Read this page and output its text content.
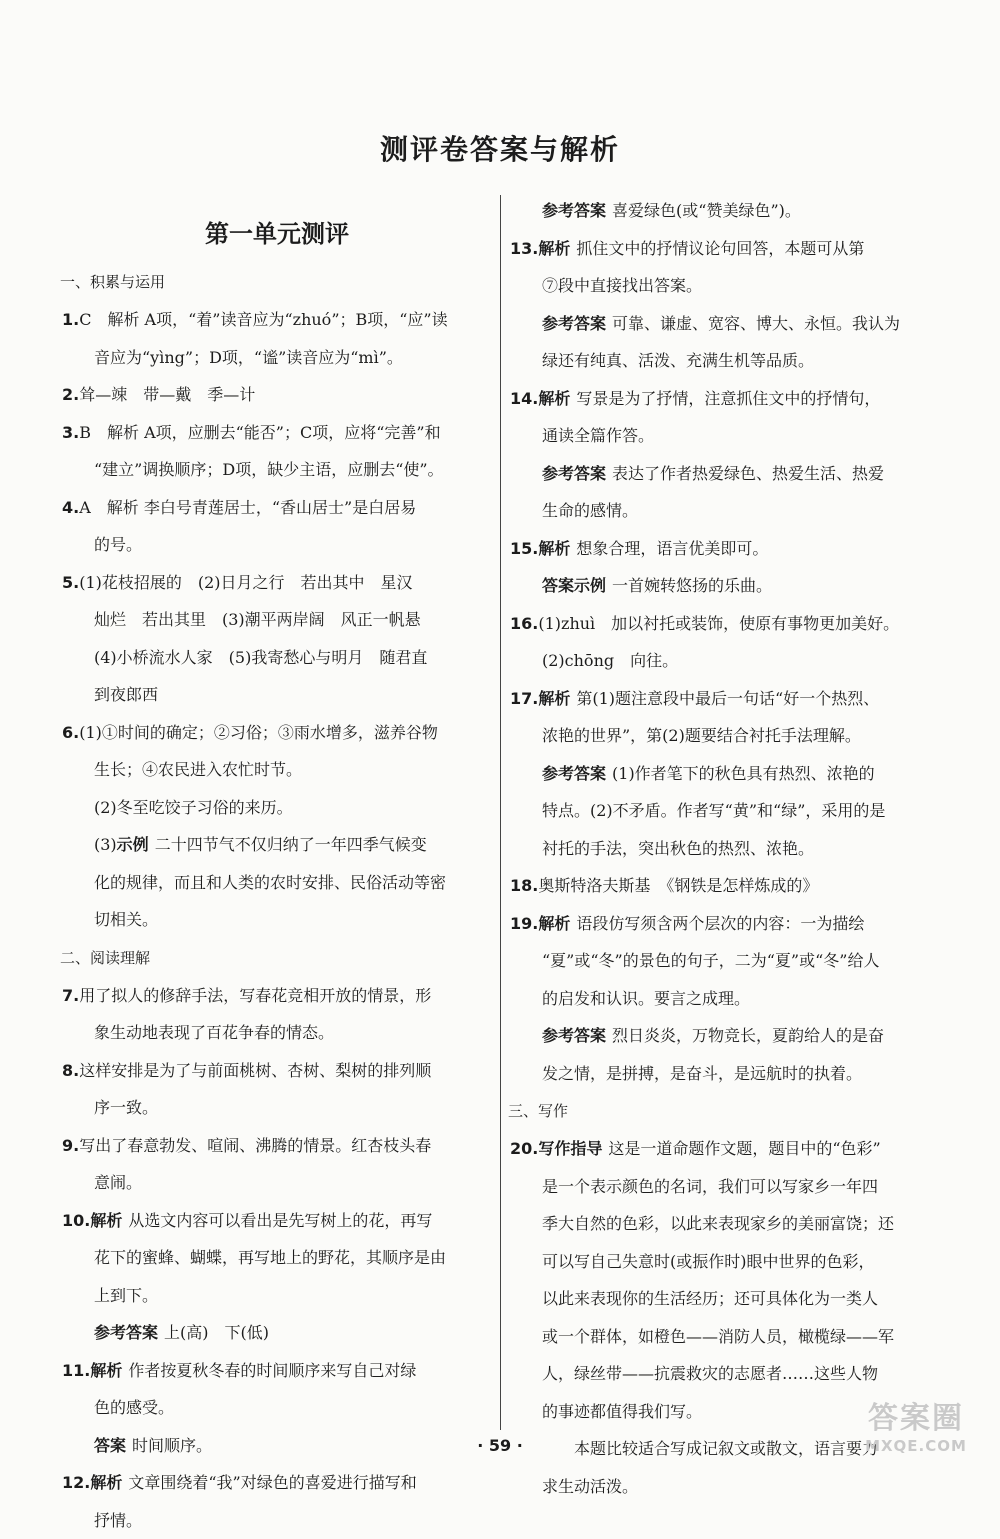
测评卷答案与解析
第一单元测评
一、积累与运用
1.C　解析 A项，“着”读音应为“zhuó”；B项，“应”读
音应为“yìng”；D项，“谧”读音应为“mì”。
2.耸—竦　带—戴　季—计
3.B　解析 A项，应删去“能否”；C项，应将“完善”和
“建立”调换顺序；D项，缺少主语，应删去“使”。
4.A　解析 李白号青莲居士，“香山居士”是白居易
的号。
5.(1)花枝招展的　(2)日月之行　若出其中　星汉
灿烂　若出其里　(3)潮平两岸阔　风正一帆悬
(4)小桥流水人家　(5)我寄愁心与明月　随君直
到夜郎西
6.(1)①时间的确定；②习俗；③雨水增多，滋养谷物
生长；④农民进入农忙时节。
(2)冬至吃饺子习俗的来历。
(3)示例 二十四节气不仅归纳了一年四季气候变
化的规律，而且和人类的农时安排、民俗活动等密
切相关。
二、阅读理解
7.用了拟人的修辞手法，写春花竞相开放的情景，形
象生动地表现了百花争春的情态。
8.这样安排是为了与前面桃树、杏树、梨树的排列顺
序一致。
9.写出了春意勃发、喧闹、沸腾的情景。红杏枝头春
意闹。
10.解析 从选文内容可以看出是先写树上的花，再写
花下的蜜蜂、蝴蝶，再写地上的野花，其顺序是由
上到下。
参考答案 上(高)　下(低)
11.解析 作者按夏秋冬春的时间顺序来写自己对绿
色的感受。
答案 时间顺序。
12.解析 文章围绕着“我”对绿色的喜爱进行描写和
抒情。
参考答案 喜爱绿色(或“赞美绿色”)。
13.解析 抓住文中的抒情议论句回答，本题可从第
⑦段中直接找出答案。
参考答案 可靠、谦虚、宽容、博大、永恒。我认为
绿还有纯真、活泼、充满生机等品质。
14.解析 写景是为了抒情，注意抓住文中的抒情句，
通读全篇作答。
参考答案 表达了作者热爱绿色、热爱生活、热爱
生命的感情。
15.解析 想象合理，语言优美即可。
答案示例 一首婉转悠扬的乐曲。
16.(1)zhuì　加以衬托或装饰，使原有事物更加美好。
(2)chōng　向往。
17.解析 第(1)题注意段中最后一句话“好一个热烈、
浓艳的世界”，第(2)题要结合衬托手法理解。
参考答案 (1)作者笔下的秋色具有热烈、浓艳的
特点。(2)不矛盾。作者写“黄”和“绿”，采用的是
衬托的手法，突出秋色的热烈、浓艳。
18.奥斯特洛夫斯基　《钢铁是怎样炼成的》
19.解析 语段仿写须含两个层次的内容：一为描绘
“夏”或“冬”的景色的句子，二为“夏”或“冬”给人
的启发和认识。要言之成理。
参考答案 烈日炎炎，万物竞长，夏韵给人的是奋
发之情，是拼搏，是奋斗，是远航时的执着。
三、写作
20.写作指导 这是一道命题作文题，题目中的“色彩”
是一个表示颜色的名词，我们可以写家乡一年四
季大自然的色彩，以此来表现家乡的美丽富饶；还
可以写自己失意时(或振作时)眼中世界的色彩，
以此来表现你的生活经历；还可具体化为一类人
或一个群体，如橙色——消防人员，橄榄绿——军
人，绿丝带——抗震救灾的志愿者……这些人物
的事迹都值得我们写。
本题比较适合写成记叙文或散文，语言要力
求生动活泼。
· 59 ·
答案圈
MXQE.COM
